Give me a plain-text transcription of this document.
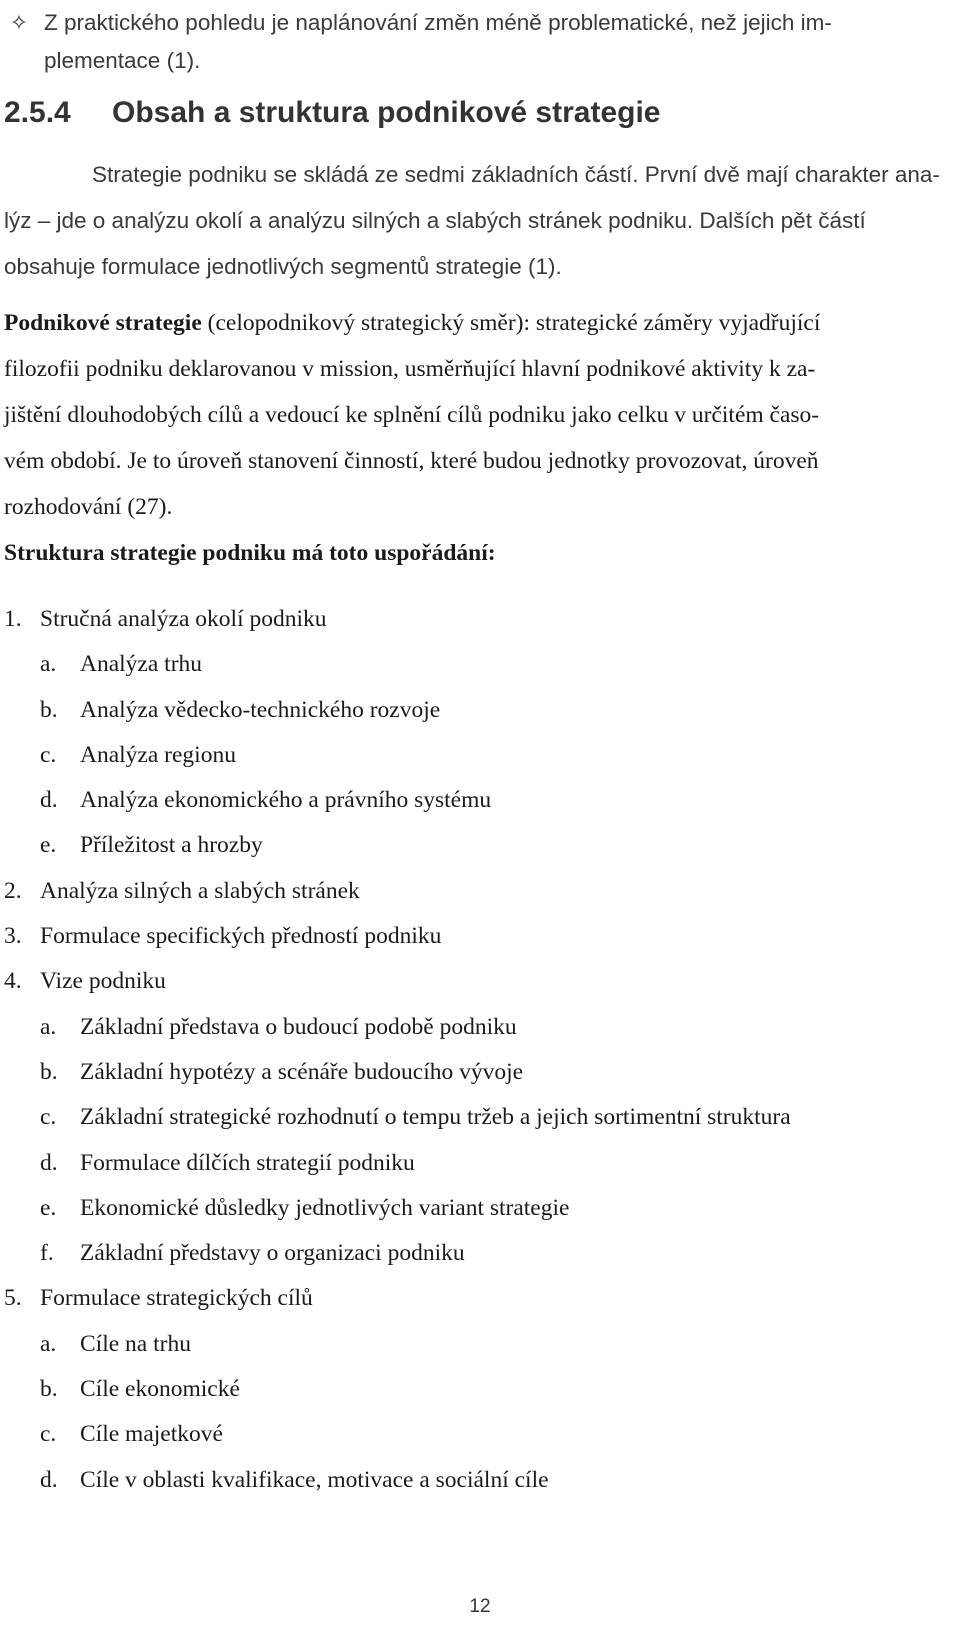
✧ Z praktického pohledu je naplánování změn méně problematické, než jejich im-
plementace (1).
2.5.4 Obsah a struktura podnikové strategie
Strategie podniku se skládá ze sedmi základních částí. První dvě mají charakter ana-
lýz – jde o analýzu okolí a analýzu silných a slabých stránek podniku. Dalších pět částí
obsahuje formulace jednotlivých segmentů strategie (1).
Podnikové strategie (celopodnikový strategický směr): strategické záměry vyjadřující
filozofii podniku deklarovanou v mission, usměrňující hlavní podnikové aktivity k za-
jištění dlouhodobých cílů a vedoucí ke splnění cílů podniku jako celku v určitém časo-
vém období. Je to úroveň stanovení činností, které budou jednotky provozovat, úroveň
rozhodování (27).
Struktura strategie podniku má toto uspořádání:
1. Stručná analýza okolí podniku
a. Analýza trhu
b. Analýza vědecko-technického rozvoje
c. Analýza regionu
d. Analýza ekonomického a právního systému
e. Příležitost a hrozby
2. Analýza silných a slabých stránek
3. Formulace specifických předností podniku
4. Vize podniku
a. Základní představa o budoucí podobě podniku
b. Základní hypotézy a scénáře budoucího vývoje
c. Základní strategické rozhodnutí o tempu tržeb a jejich sortimentní struktura
d. Formulace dílčích strategií podniku
e. Ekonomické důsledky jednotlivých variant strategie
f. Základní představy o organizaci podniku
5. Formulace strategických cílů
a. Cíle na trhu
b. Cíle ekonomické
c. Cíle majetkové
d. Cíle v oblasti kvalifikace, motivace a sociální cíle
12
